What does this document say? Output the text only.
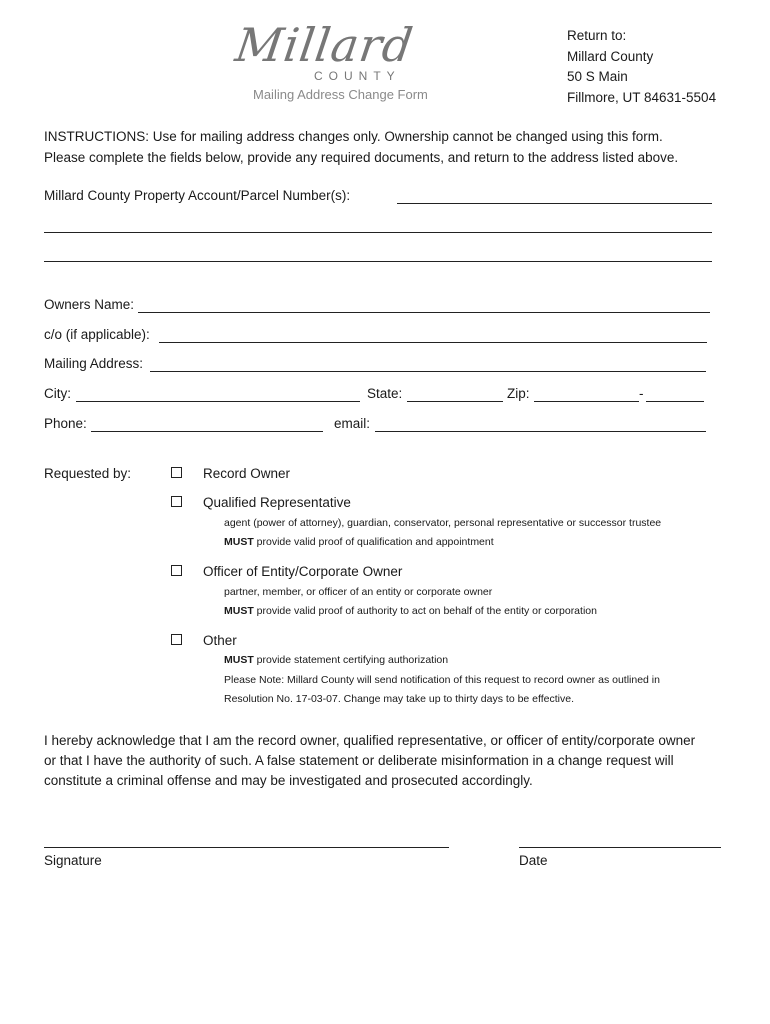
Millard
COUNTY
Mailing Address Change Form
Return to:
Millard County
50 S Main
Fillmore, UT 84631-5504
INSTRUCTIONS: Use for mailing address changes only. Ownership cannot be changed using this form.
Please complete the fields below, provide any required documents, and return to the address listed above.
Millard County Property Account/Parcel Number(s):
Owners Name:
c/o (if applicable):
Mailing Address:
City:	State:	Zip:	-
Phone:	email:
Requested by:	Record Owner
Qualified Representative
agent (power of attorney), guardian, conservator, personal representative or successor trustee
MUST provide valid proof of qualification and appointment
Officer of Entity/Corporate Owner
partner, member, or officer of an entity or corporate owner
MUST provide valid proof of authority to act on behalf of the entity or corporation
Other
MUST provide statement certifying authorization
Please Note: Millard County will send notification of this request to record owner as outlined in
Resolution No. 17-03-07. Change may take up to thirty days to be effective.
I hereby acknowledge that I am the record owner, qualified representative, or officer of entity/corporate owner
or that I have the authority of such. A false statement or deliberate misinformation in a change request will
constitute a criminal offense and may be investigated and prosecuted accordingly.
Signature	Date
